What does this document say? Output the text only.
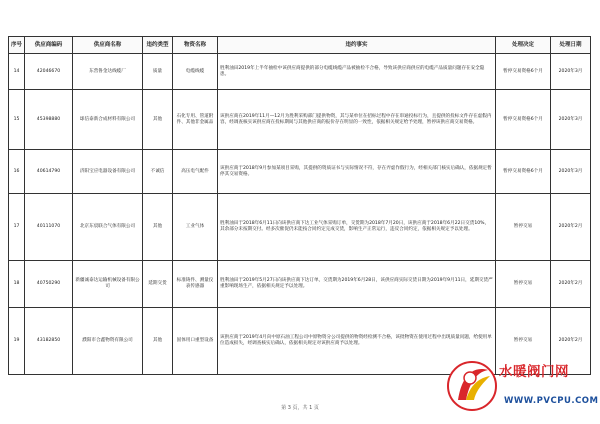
序号	供应商编码	供应商名称	违约类型	物资名称	违约事实	处理决定	处理日期
14	42046670	东营鲁金达线缆厂	质量	电缆线缆	胜利油田2019年上半年抽检中该供应商提供的部分电缆线缆产品被抽检不合格，导致该供应商供应的电缆产品质量问题存在安全隐患。	暂停交易资格6个月	2020年3月
15	45398880	球信泰新合成材料有限公司	其他	石化专用、管道附件、其他非金属品	该供应商在2019年11月—12月为胜利采购部门提供物资，其与某单位在招标过程中存在串通投标行为，且提供的投标文件存在虚假内容，经调查核实该供应商在投标期间与其他供应商的报价存在明显的一致性，依据相关规定给予处理，暂停该供应商交易资格。	暂停交易资格6个月	2020年3月
16	40614790	济阳宝应电器设备有限公司	不诚信	高压电气配件	该供应商于2018年9月参加某项目采购，其提供的资质证书与实际情况不符，存在弄虚作假行为，经相关部门核实后确认，依据规定暂停其交易资格。	暂停交易资格6个月	2020年3月
17	40111070	北京东宸联合气体有限公司	其他	工业气体	胜利油田于2018年6月11日向该供应商下达工业气体采购订单，交货期为2018年7月20日，该供应商于2018年6月22日交货10%，其余部分未按期交付。经多次催促仍未能按合同约定完成交货，影响生产正常运行，违反合同约定，依据相关规定予以处理。	暂停交易	2020年2月
18	40750290	新疆诚泰达运输机械设备有限公司	延期交货	标准铸件、测量仪表传感器	胜利油田于2019年5月27日向该供应商下达订单，交货期为2019年6月28日，该供应商实际交货日期为2019年9月11日，延期交货严重影响现场生产，依据相关规定予以处理。	暂停交易	2020年2月
19	43182850	濮阳市合鑫物资有限公司	其他	固体用口重型设备	该供应商于2019年4月向中原石油工程公司中原物资分公司提供的物资经检测不合格，该批物资在使用过程中出现质量问题，给使用单位造成损失，经调查核实后确认，依据相关规定对该供应商予以处理。	暂停交易	2020年2月
第 3 页，共 1 页
水暖阀门网
WWW.PVCPU.COM
